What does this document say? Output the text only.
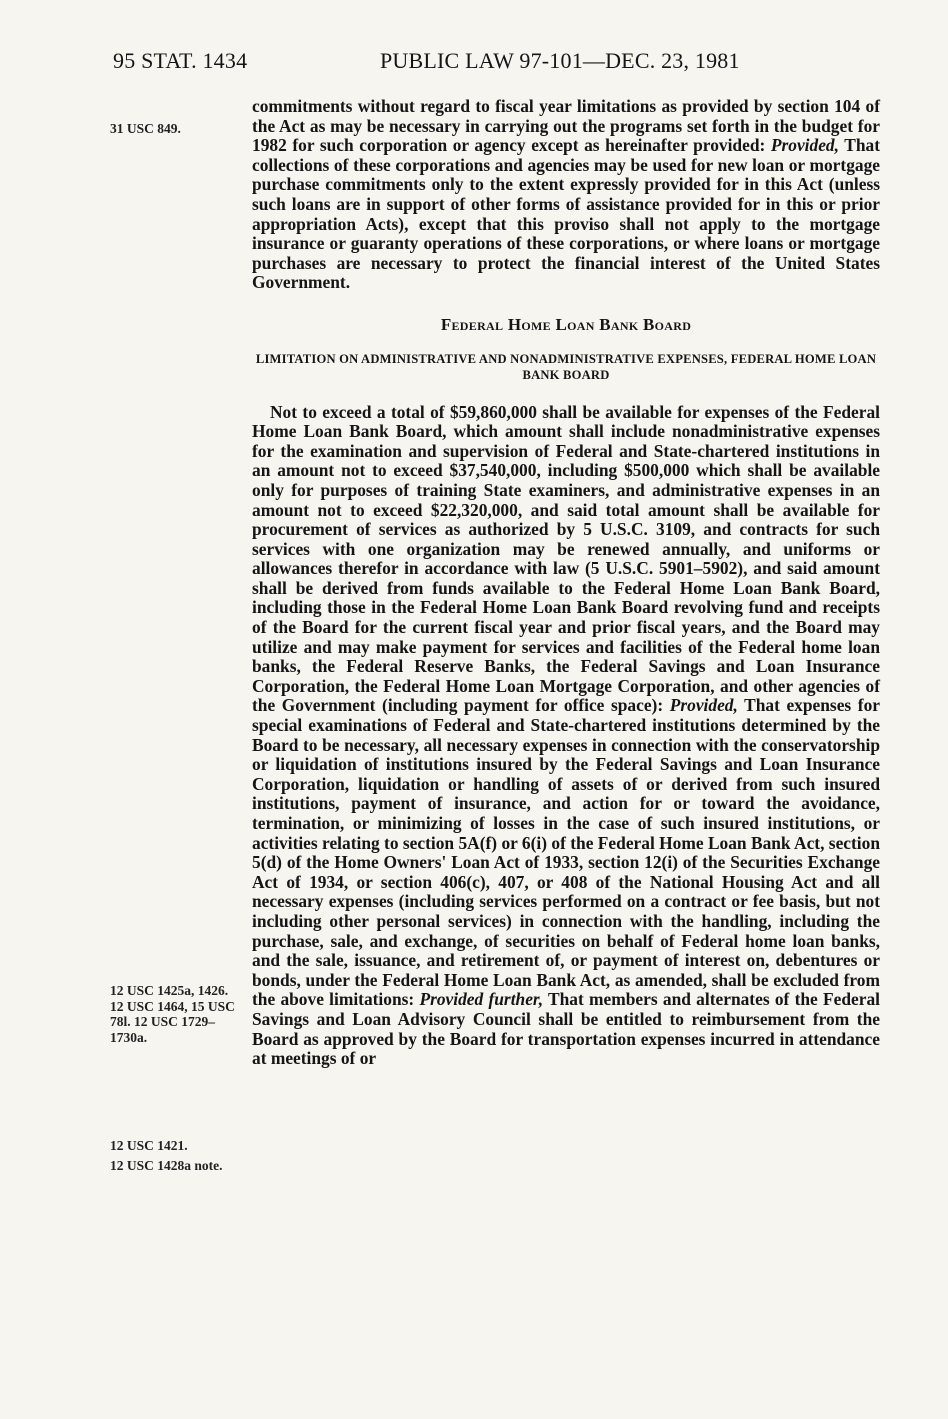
95 STAT. 1434	PUBLIC LAW 97-101—DEC. 23, 1981
31 USC 849.
12 USC 1425a, 1426. 12 USC 1464, 15 USC 78l. 12 USC 1729–1730a.
12 USC 1421.
12 USC 1428a note.

commitments without regard to fiscal year limitations as provided by section 104 of the Act as may be necessary in carrying out the programs set forth in the budget for 1982 for such corporation or agency except as hereinafter provided: Provided, That collections of these corporations and agencies may be used for new loan or mortgage purchase commitments only to the extent expressly provided for in this Act (unless such loans are in support of other forms of assistance provided for in this or prior appropriation Acts), except that this proviso shall not apply to the mortgage insurance or guaranty operations of these corporations, or where loans or mortgage purchases are necessary to protect the financial interest of the United States Government.

Federal Home Loan Bank Board

LIMITATION ON ADMINISTRATIVE AND NONADMINISTRATIVE EXPENSES, FEDERAL HOME LOAN BANK BOARD

Not to exceed a total of $59,860,000 shall be available for expenses of the Federal Home Loan Bank Board, which amount shall include nonadministrative expenses for the examination and supervision of Federal and State-chartered institutions in an amount not to exceed $37,540,000, including $500,000 which shall be available only for purposes of training State examiners, and administrative expenses in an amount not to exceed $22,320,000, and said total amount shall be available for procurement of services as authorized by 5 U.S.C. 3109, and contracts for such services with one organization may be renewed annually, and uniforms or allowances therefor in accordance with law (5 U.S.C. 5901–5902), and said amount shall be derived from funds available to the Federal Home Loan Bank Board, including those in the Federal Home Loan Bank Board revolving fund and receipts of the Board for the current fiscal year and prior fiscal years, and the Board may utilize and may make payment for services and facilities of the Federal home loan banks, the Federal Reserve Banks, the Federal Savings and Loan Insurance Corporation, the Federal Home Loan Mortgage Corporation, and other agencies of the Government (including payment for office space): Provided, That expenses for special examinations of Federal and State-chartered institutions determined by the Board to be necessary, all necessary expenses in connection with the conservatorship or liquidation of institutions insured by the Federal Savings and Loan Insurance Corporation, liquidation or handling of assets of or derived from such insured institutions, payment of insurance, and action for or toward the avoidance, termination, or minimizing of losses in the case of such insured institutions, or activities relating to section 5A(f) or 6(i) of the Federal Home Loan Bank Act, section 5(d) of the Home Owners' Loan Act of 1933, section 12(i) of the Securities Exchange Act of 1934, or section 406(c), 407, or 408 of the National Housing Act and all necessary expenses (including services performed on a contract or fee basis, but not including other personal services) in connection with the handling, including the purchase, sale, and exchange, of securities on behalf of Federal home loan banks, and the sale, issuance, and retirement of, or payment of interest on, debentures or bonds, under the Federal Home Loan Bank Act, as amended, shall be excluded from the above limitations: Provided further, That members and alternates of the Federal Savings and Loan Advisory Council shall be entitled to reimbursement from the Board as approved by the Board for transportation expenses incurred in attendance at meetings of or
